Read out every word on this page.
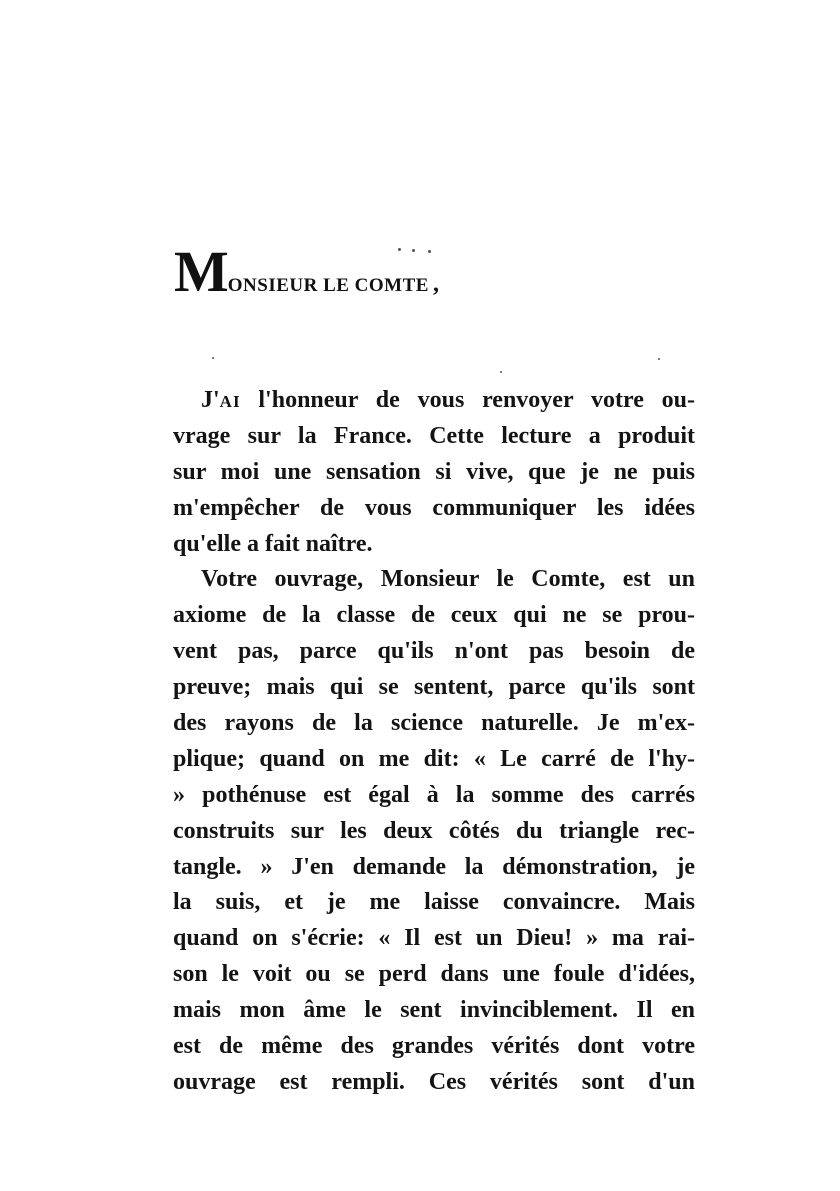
MONSIEUR LE COMTE ,
J'AI l'honneur de vous renvoyer votre ou-
vrage sur la France. Cette lecture a produit
sur moi une sensation si vive, que je ne puis
m'empêcher de vous communiquer les idées
qu'elle a fait naître.
Votre ouvrage, Monsieur le Comte, est un
axiome de la classe de ceux qui ne se prou-
vent pas, parce qu'ils n'ont pas besoin de
preuve; mais qui se sentent, parce qu'ils sont
des rayons de la science naturelle. Je m'ex-
plique; quand on me dit: « Le carré de l'hy-
» pothénuse est égal à la somme des carrés
construits sur les deux côtés du triangle rec-
tangle. » J'en demande la démonstration, je
la suis, et je me laisse convaincre. Mais
quand on s'écrie: « Il est un Dieu! » ma rai-
son le voit ou se perd dans une foule d'idées,
mais mon âme le sent invinciblement. Il en
est de même des grandes vérités dont votre
ouvrage est rempli. Ces vérités sont d'un
